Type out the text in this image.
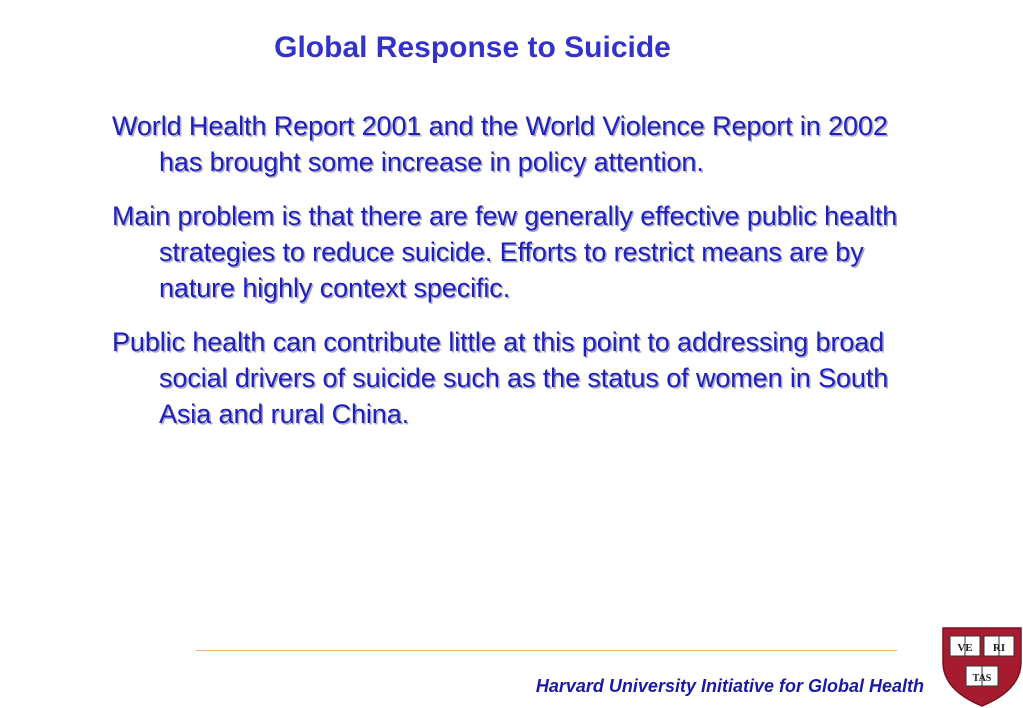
Global Response to Suicide
World Health Report 2001 and the World Violence Report in 2002 has brought some increase in policy attention.
Main problem is that there are few generally effective public health strategies to reduce suicide. Efforts to restrict means are by nature highly context specific.
Public health can contribute little at this point to addressing broad social drivers of suicide such as the status of women in South Asia and rural China.
Harvard University Initiative for Global Health
VE RI
TAS
